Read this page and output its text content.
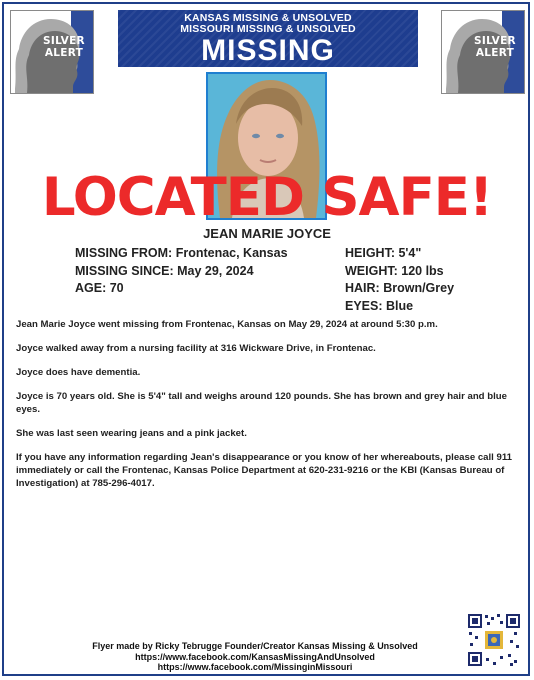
SILVER
ALERT
SILVER
ALERT
KANSAS MISSING & UNSOLVED
MISSOURI MISSING & UNSOLVED
MISSING
LOCATED SAFE!
JEAN MARIE JOYCE
MISSING FROM: Frontenac, Kansas
MISSING SINCE: May 29, 2024
AGE: 70
HEIGHT: 5'4"
WEIGHT: 120 lbs
HAIR: Brown/Grey
EYES: Blue

Jean Marie Joyce went missing from Frontenac, Kansas on May 29, 2024 at around 5:30 p.m.

Joyce walked away from a nursing facility at 316 Wickware Drive, in Frontenac.

Joyce does have dementia.

Joyce is 70 years old. She is 5'4" tall and weighs around 120 pounds. She has brown and grey hair and blue eyes.

She was last seen wearing jeans and a pink jacket.

If you have any information regarding Jean's disappearance or you know of her whereabouts, please call 911 immediately or call the Frontenac, Kansas Police Department at 620-231-9216 or the KBI (Kansas Bureau of Investigation) at 785-296-4017.

Flyer made by Ricky Tebrugge Founder/Creator Kansas Missing & Unsolved
https://www.facebook.com/KansasMissingAndUnsolved
https://www.facebook.com/MissinginMissouri
